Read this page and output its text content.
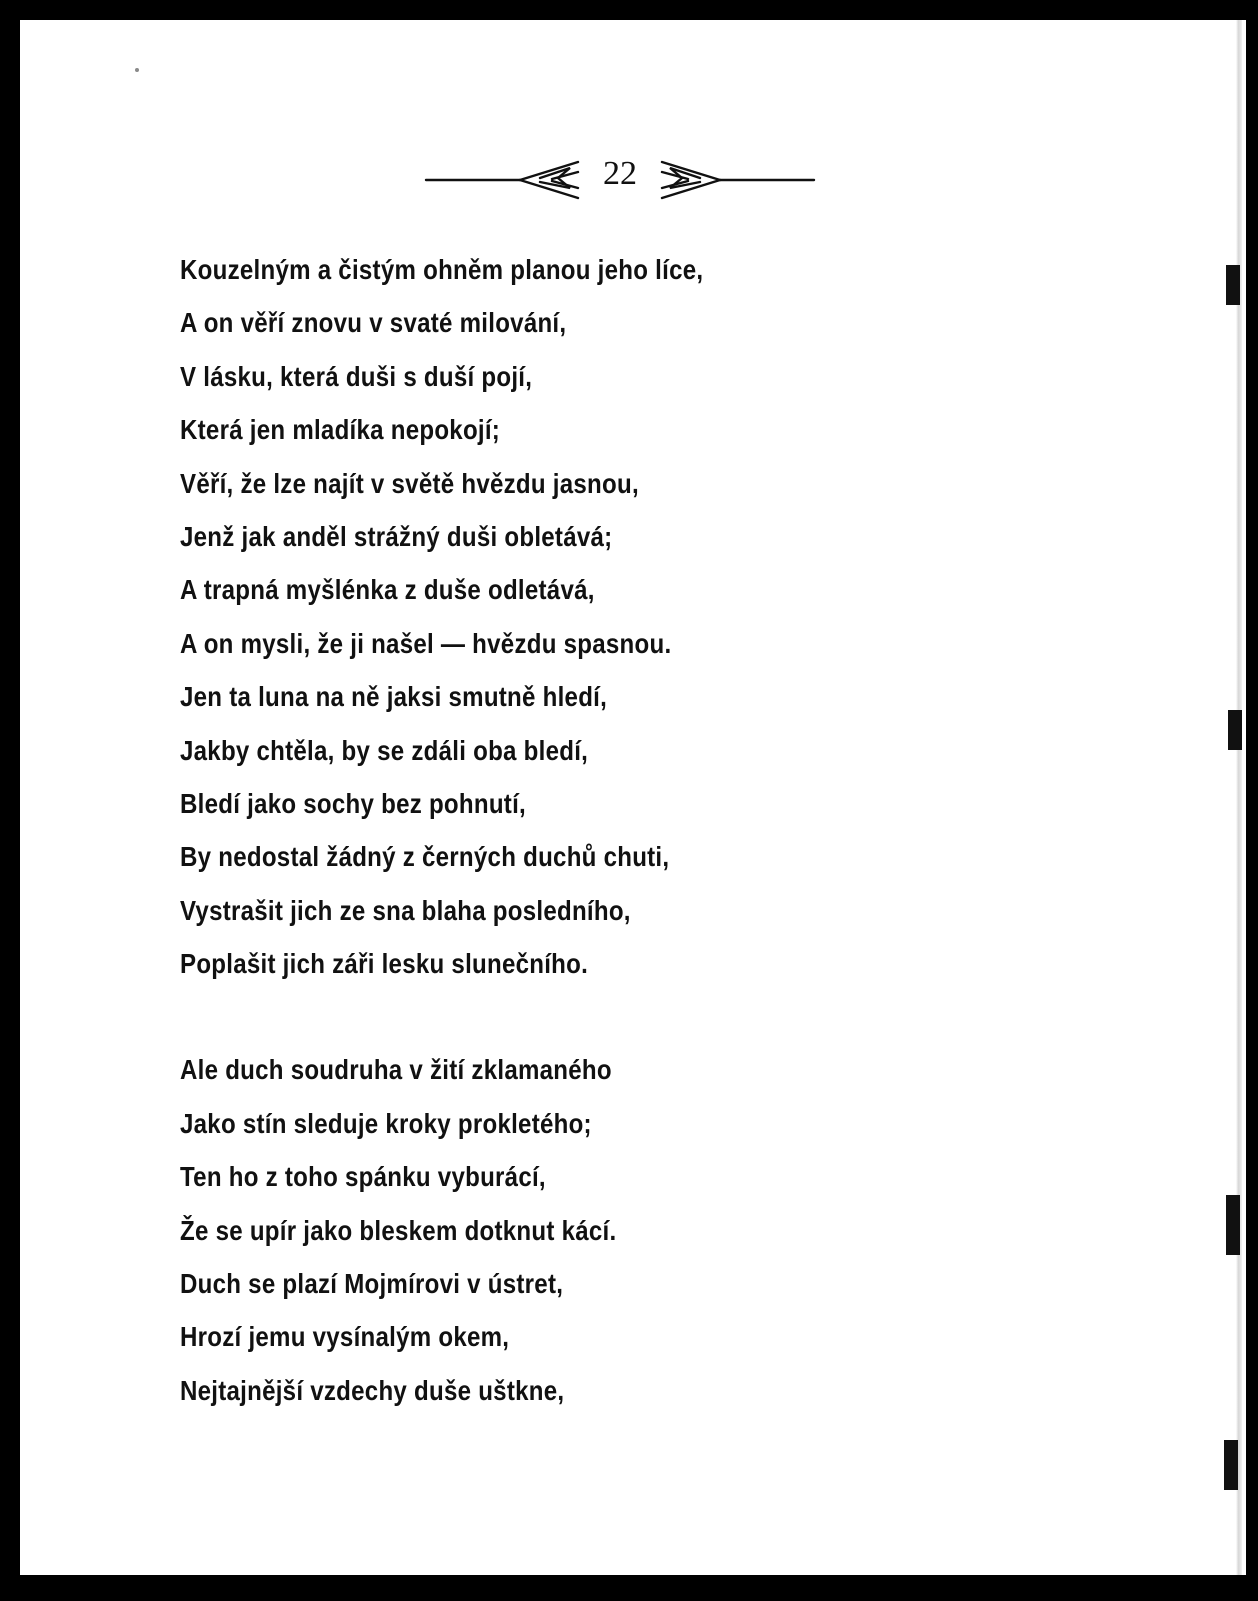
22
Kouzelným a čistým ohněm planou jeho líce,
A on věří znovu v svaté milování,
V lásku, která duši s duší pojí,
Která jen mladíka nepokojí;
Věří, že lze najít v světě hvězdu jasnou,
Jenž jak anděl strážný duši obletává;
A trapná myšlénka z duše odletává,
A on mysli, že ji našel — hvězdu spasnou.
Jen ta luna na ně jaksi smutně hledí,
Jakby chtěla, by se zdáli oba bledí,
Bledí jako sochy bez pohnutí,
By nedostal žádný z černých duchů chuti,
Vystrašit jich ze sna blaha posledního,
Poplašit jich záři lesku slunečního.
Ale duch soudruha v žití zklamaného
Jako stín sleduje kroky prokletého;
Ten ho z toho spánku vyburácí,
Že se upír jako bleskem dotknut kácí.
Duch se plazí Mojmírovi v ústret,
Hrozí jemu vysínalým okem,
Nejtajnější vzdechy duše uštkne,
